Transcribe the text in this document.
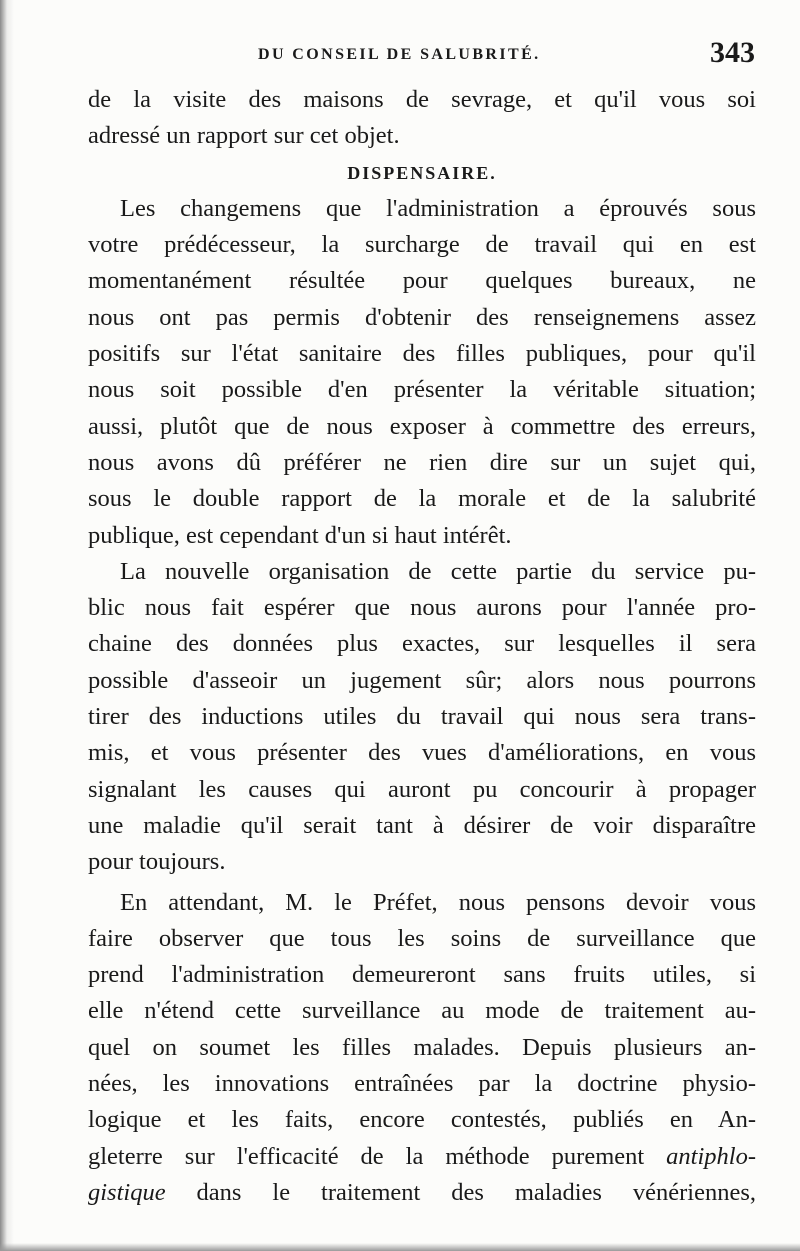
DU CONSEIL DE SALUBRITÉ.	343
de la visite des maisons de sevrage, et qu'il vous soi
adressé un rapport sur cet objet.
DISPENSAIRE.
Les changemens que l'administration a éprouvés sous
votre prédécesseur, la surcharge de travail qui en est
momentanément résultée pour quelques bureaux, ne
nous ont pas permis d'obtenir des renseignemens assez
positifs sur l'état sanitaire des filles publiques, pour qu'il
nous soit possible d'en présenter la véritable situation;
aussi, plutôt que de nous exposer à commettre des erreurs,
nous avons dû préférer ne rien dire sur un sujet qui,
sous le double rapport de la morale et de la salubrité
publique, est cependant d'un si haut intérêt.
La nouvelle organisation de cette partie du service pu-
blic nous fait espérer que nous aurons pour l'année pro-
chaine des données plus exactes, sur lesquelles il sera
possible d'asseoir un jugement sûr; alors nous pourrons
tirer des inductions utiles du travail qui nous sera trans-
mis, et vous présenter des vues d'améliorations, en vous
signalant les causes qui auront pu concourir à propager
une maladie qu'il serait tant à désirer de voir disparaître
pour toujours.
En attendant, M. le Préfet, nous pensons devoir vous
faire observer que tous les soins de surveillance que
prend l'administration demeureront sans fruits utiles, si
elle n'étend cette surveillance au mode de traitement au-
quel on soumet les filles malades. Depuis plusieurs an-
nées, les innovations entraînées par la doctrine physio-
logique et les faits, encore contestés, publiés en An-
gleterre sur l'efficacité de la méthode purement antiphlo-
gistique dans le traitement des maladies vénériennes,
